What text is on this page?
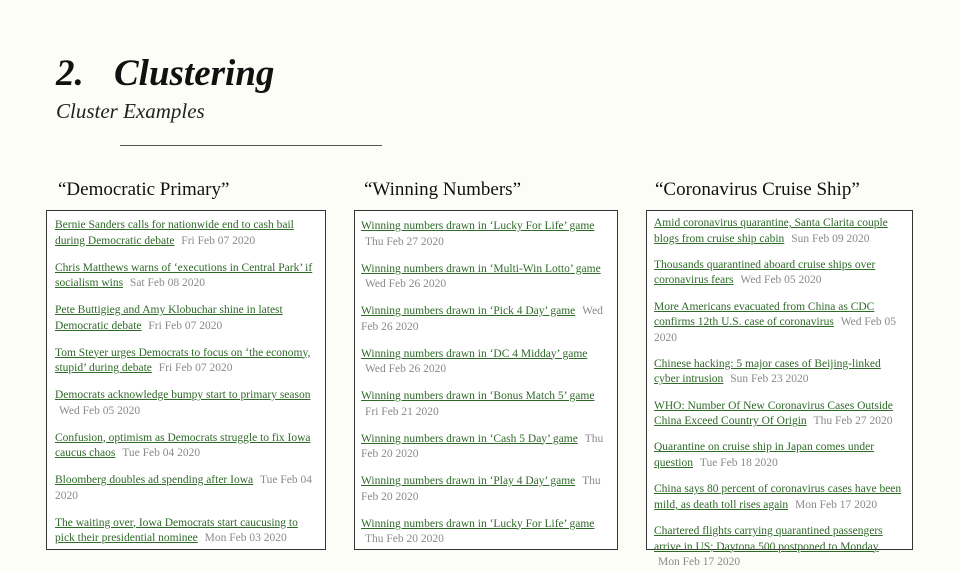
2. Clustering
Cluster Examples
“Democratic Primary”	“Winning Numbers”	“Coronavirus Cruise Ship”
Bernie Sanders calls for nationwide end to cash bail during Democratic debate Fri Feb 07 2020
Chris Matthews warns of ‘executions in Central Park’ if socialism wins Sat Feb 08 2020
Pete Buttigieg and Amy Klobuchar shine in latest Democratic debate Fri Feb 07 2020
Tom Steyer urges Democrats to focus on ‘the economy, stupid’ during debate Fri Feb 07 2020
Democrats acknowledge bumpy start to primary season Wed Feb 05 2020
Confusion, optimism as Democrats struggle to fix Iowa caucus chaos Tue Feb 04 2020
Bloomberg doubles ad spending after Iowa Tue Feb 04 2020
The waiting over, Iowa Democrats start caucusing to pick their presidential nominee Mon Feb 03 2020
Winning numbers drawn in ‘Lucky For Life’ game Thu Feb 27 2020
Winning numbers drawn in ‘Multi-Win Lotto’ game Wed Feb 26 2020
Winning numbers drawn in ‘Pick 4 Day’ game Wed Feb 26 2020
Winning numbers drawn in ‘DC 4 Midday’ game Wed Feb 26 2020
Winning numbers drawn in ‘Bonus Match 5’ game Fri Feb 21 2020
Winning numbers drawn in ‘Cash 5 Day’ game Thu Feb 20 2020
Winning numbers drawn in ‘Play 4 Day’ game Thu Feb 20 2020
Winning numbers drawn in ‘Lucky For Life’ game Thu Feb 20 2020
Amid coronavirus quarantine, Santa Clarita couple blogs from cruise ship cabin Sun Feb 09 2020
Thousands quarantined aboard cruise ships over coronavirus fears Wed Feb 05 2020
More Americans evacuated from China as CDC confirms 12th U.S. case of coronavirus Wed Feb 05 2020
Chinese hacking: 5 major cases of Beijing-linked cyber intrusion Sun Feb 23 2020
WHO: Number Of New Coronavirus Cases Outside China Exceed Country Of Origin Thu Feb 27 2020
Quarantine on cruise ship in Japan comes under question Tue Feb 18 2020
China says 80 percent of coronavirus cases have been mild, as death toll rises again Mon Feb 17 2020
Chartered flights carrying quarantined passengers arrive in US; Daytona 500 postponed to Monday Mon Feb 17 2020
